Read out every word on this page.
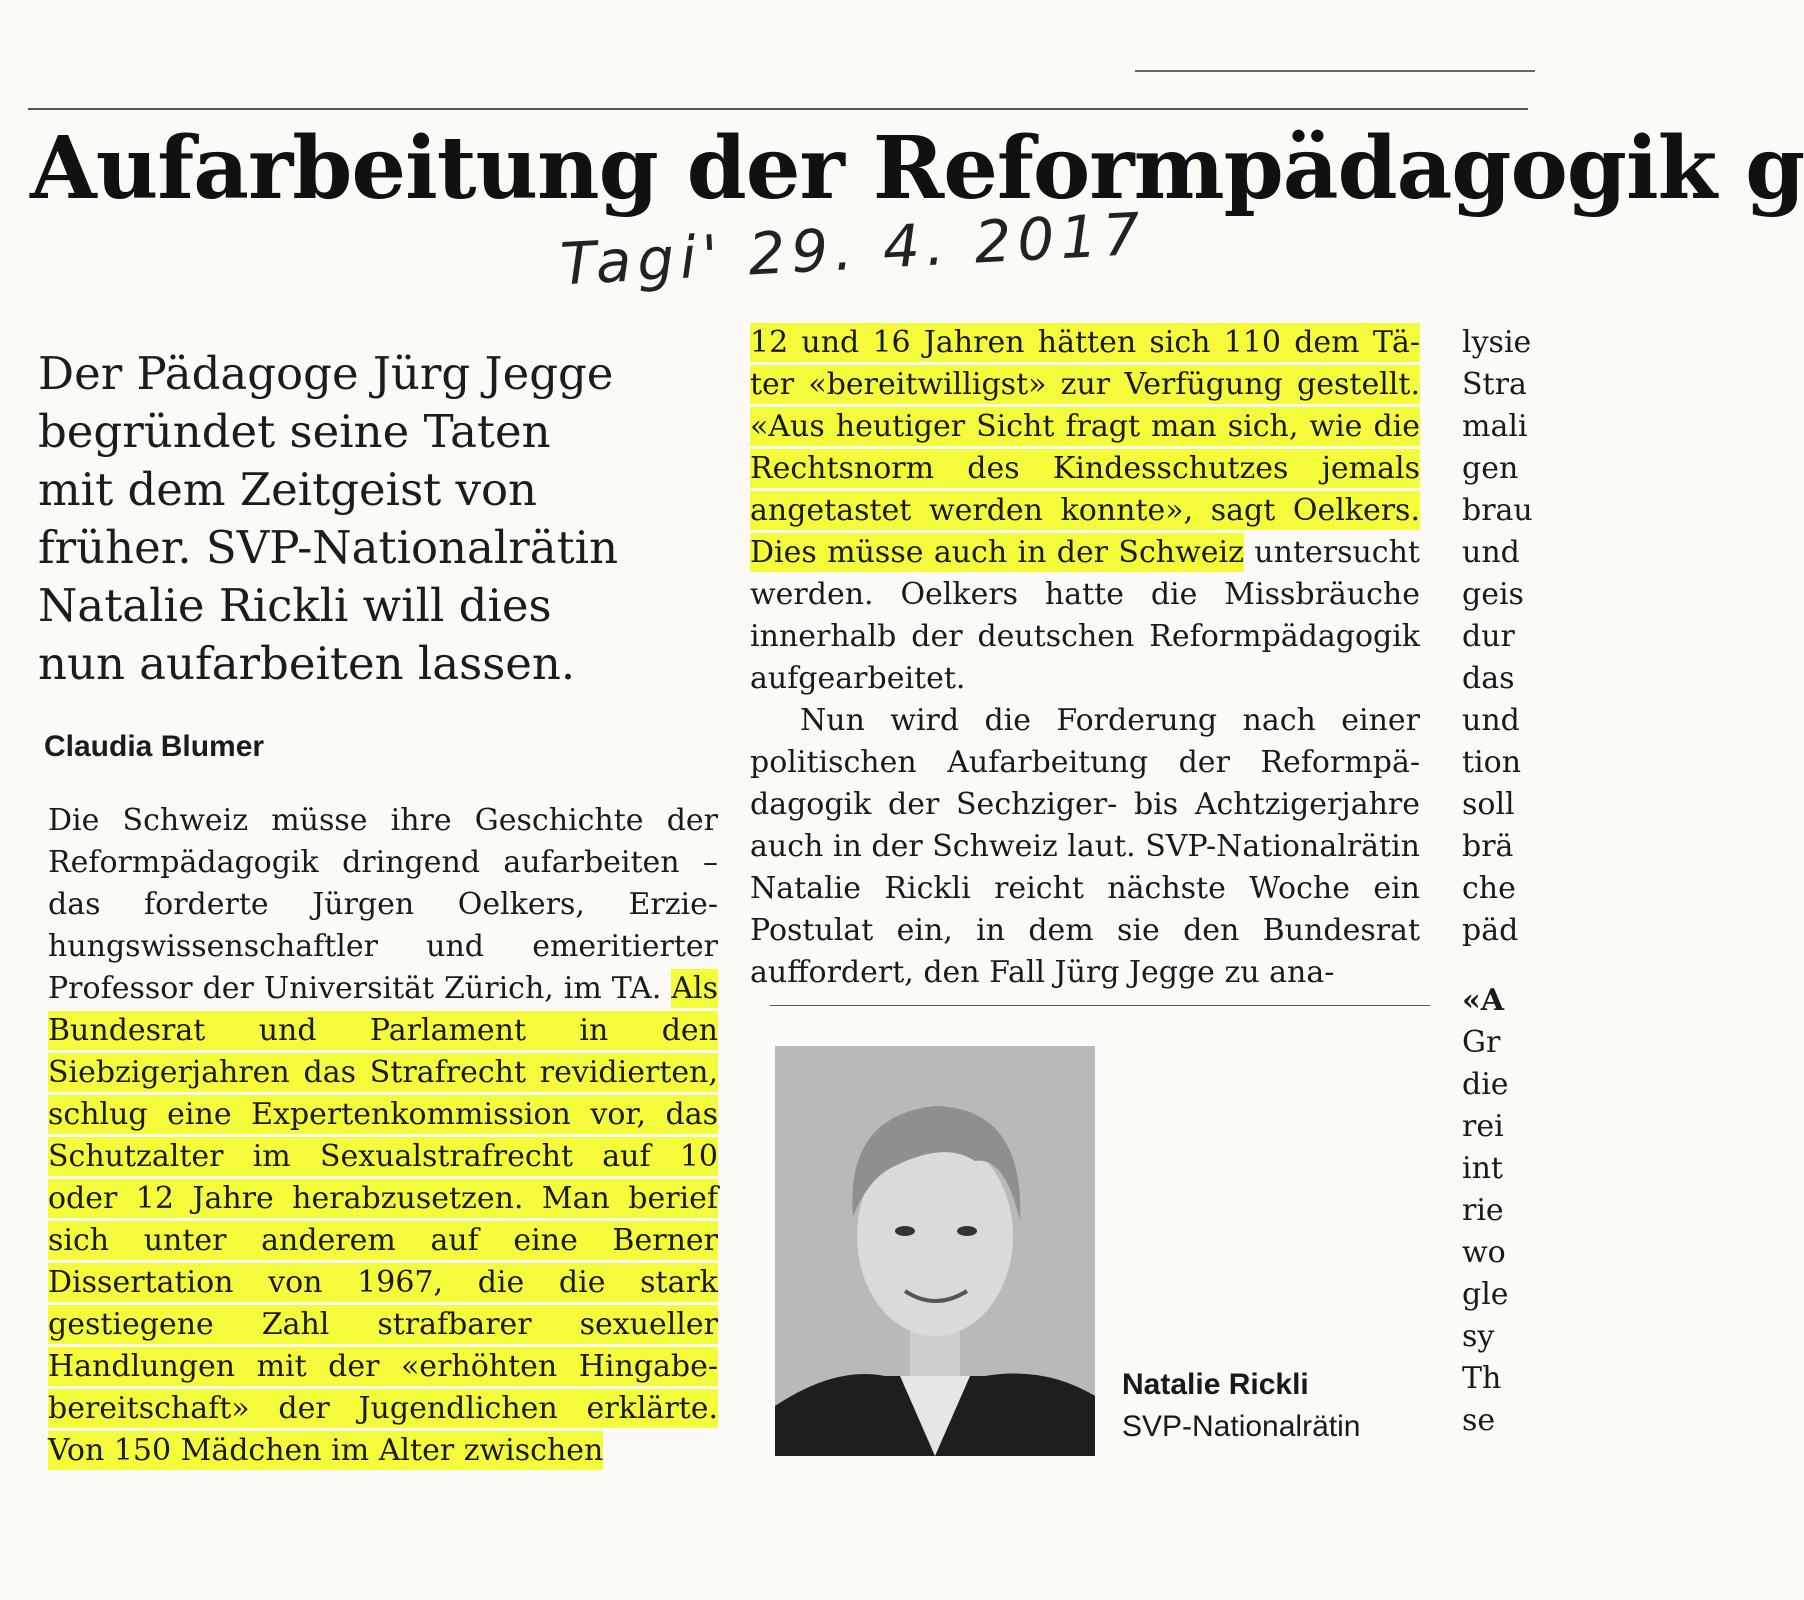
Aufarbeitung der Reformpädagogik g
Tagi' 29. 4. 2017
Der Pädagoge Jürg Jegge begründet seine Taten mit dem Zeitgeist von früher. SVP-Nationalrätin Natalie Rickli will dies nun aufarbeiten lassen.
Claudia Blumer

Die Schweiz müsse ihre Geschichte der Reformpädagogik dringend aufarbeiten – das forderte Jürgen Oelkers, Erziehungswissenschaftler und emeritierter Professor der Universität Zürich, im TA. Als Bundesrat und Parlament in den Siebzigerjahren das Strafrecht revidierten, schlug eine Expertenkommission vor, das Schutzalter im Sexualstrafrecht auf 10 oder 12 Jahre herabzusetzen. Man berief sich unter anderem auf eine Berner Dissertation von 1967, die die stark gestiegene Zahl strafbarer sexueller Handlungen mit der «erhöhten Hingabebereitschaft» der Jugendlichen erklärte. Von 150 Mädchen im Alter zwischen

12 und 16 Jahren hätten sich 110 dem Täter «bereitwilligst» zur Verfügung gestellt. «Aus heutiger Sicht fragt man sich, wie die Rechtsnorm des Kindesschutzes jemals angetastet werden konnte», sagt Oelkers. Dies müsse auch in der Schweiz untersucht werden. Oelkers hatte die Missbräuche innerhalb der deutschen Reformpädagogik aufgearbeitet.

Nun wird die Forderung nach einer politischen Aufarbeitung der Reformpädagogik der Sechziger- bis Achtzigerjahre auch in der Schweiz laut. SVP-Nationalrätin Natalie Rickli reicht nächste Woche ein Postulat ein, in dem sie den Bundesrat auffordert, den Fall Jürg Jegge zu ana-

Natalie Rickli
SVP-Nationalrätin
lysie
Stra
mali
gen
brau
und
geis
dur
das
und
tion
soll
brä
che
päd
«A
Gr
die
rei
int
rie
wo
gle
sy
Th
se
